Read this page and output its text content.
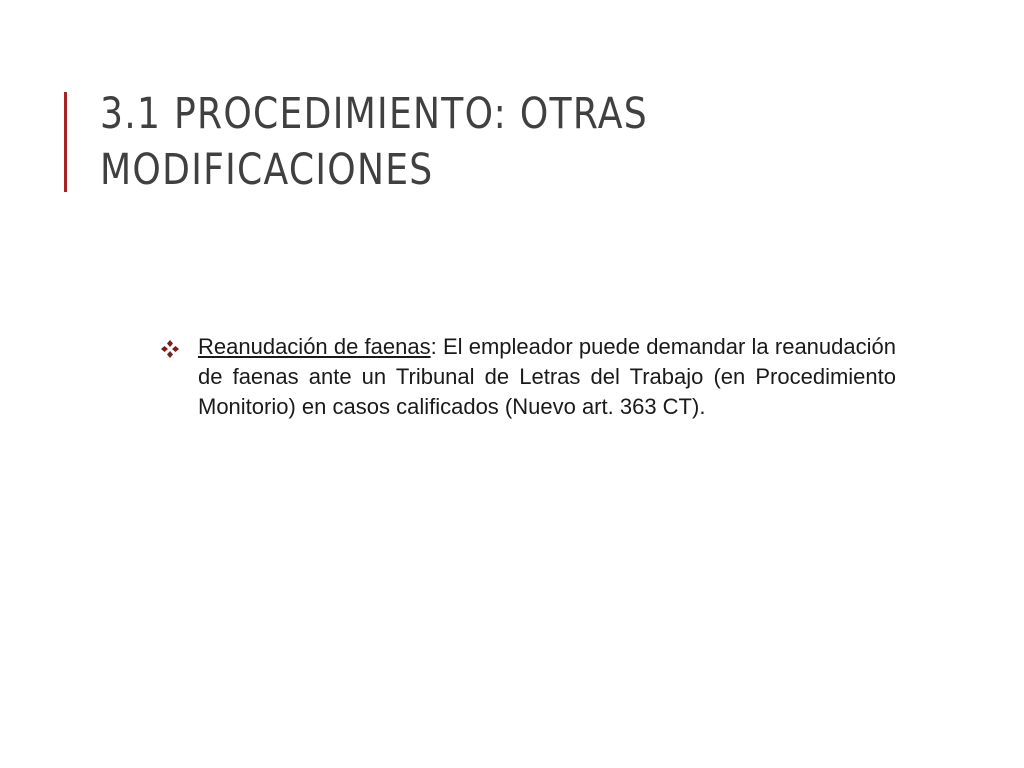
3.1 PROCEDIMIENTO: OTRAS MODIFICACIONES

Reanudación de faenas: El empleador puede demandar la reanudación de faenas ante un Tribunal de Letras del Trabajo (en Procedimiento Monitorio) en casos calificados (Nuevo art. 363 CT).
